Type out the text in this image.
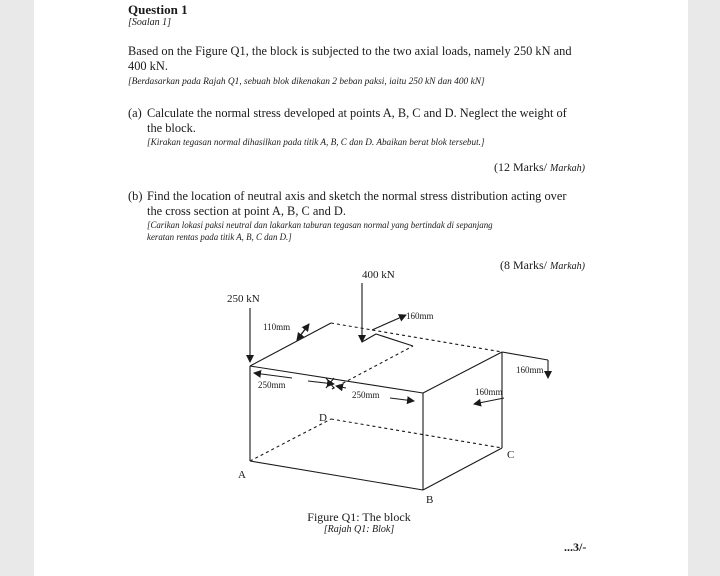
Question 1
[Soalan 1]
Based on the Figure Q1, the block is subjected to the two axial loads, namely 250 kN and
400 kN.
[Berdasarkan pada Rajah Q1, sebuah blok dikenakan 2 beban paksi, iaitu 250 kN dan 400 kN]
(a) Calculate the normal stress developed at points A, B, C and D. Neglect the weight of
the block.
[Kirakan tegasan normal dihasilkan pada titik A, B, C dan D. Abaikan berat blok tersebut.]
(12 Marks/ Markah)
(b) Find the location of neutral axis and sketch the normal stress distribution acting over
the cross section at point A, B, C and D.
[Carikan lokasi paksi neutral dan lakarkan taburan tegasan normal yang bertindak di sepanjang
keratan rentas pada titik A, B, C dan D.]
(8 Marks/ Markah)
400 kN
250 kN
110mm
160mm
160mm
160mm
250mm
250mm
A
B
C
D
Figure Q1: The block
[Rajah Q1: Blok]
...3/-
